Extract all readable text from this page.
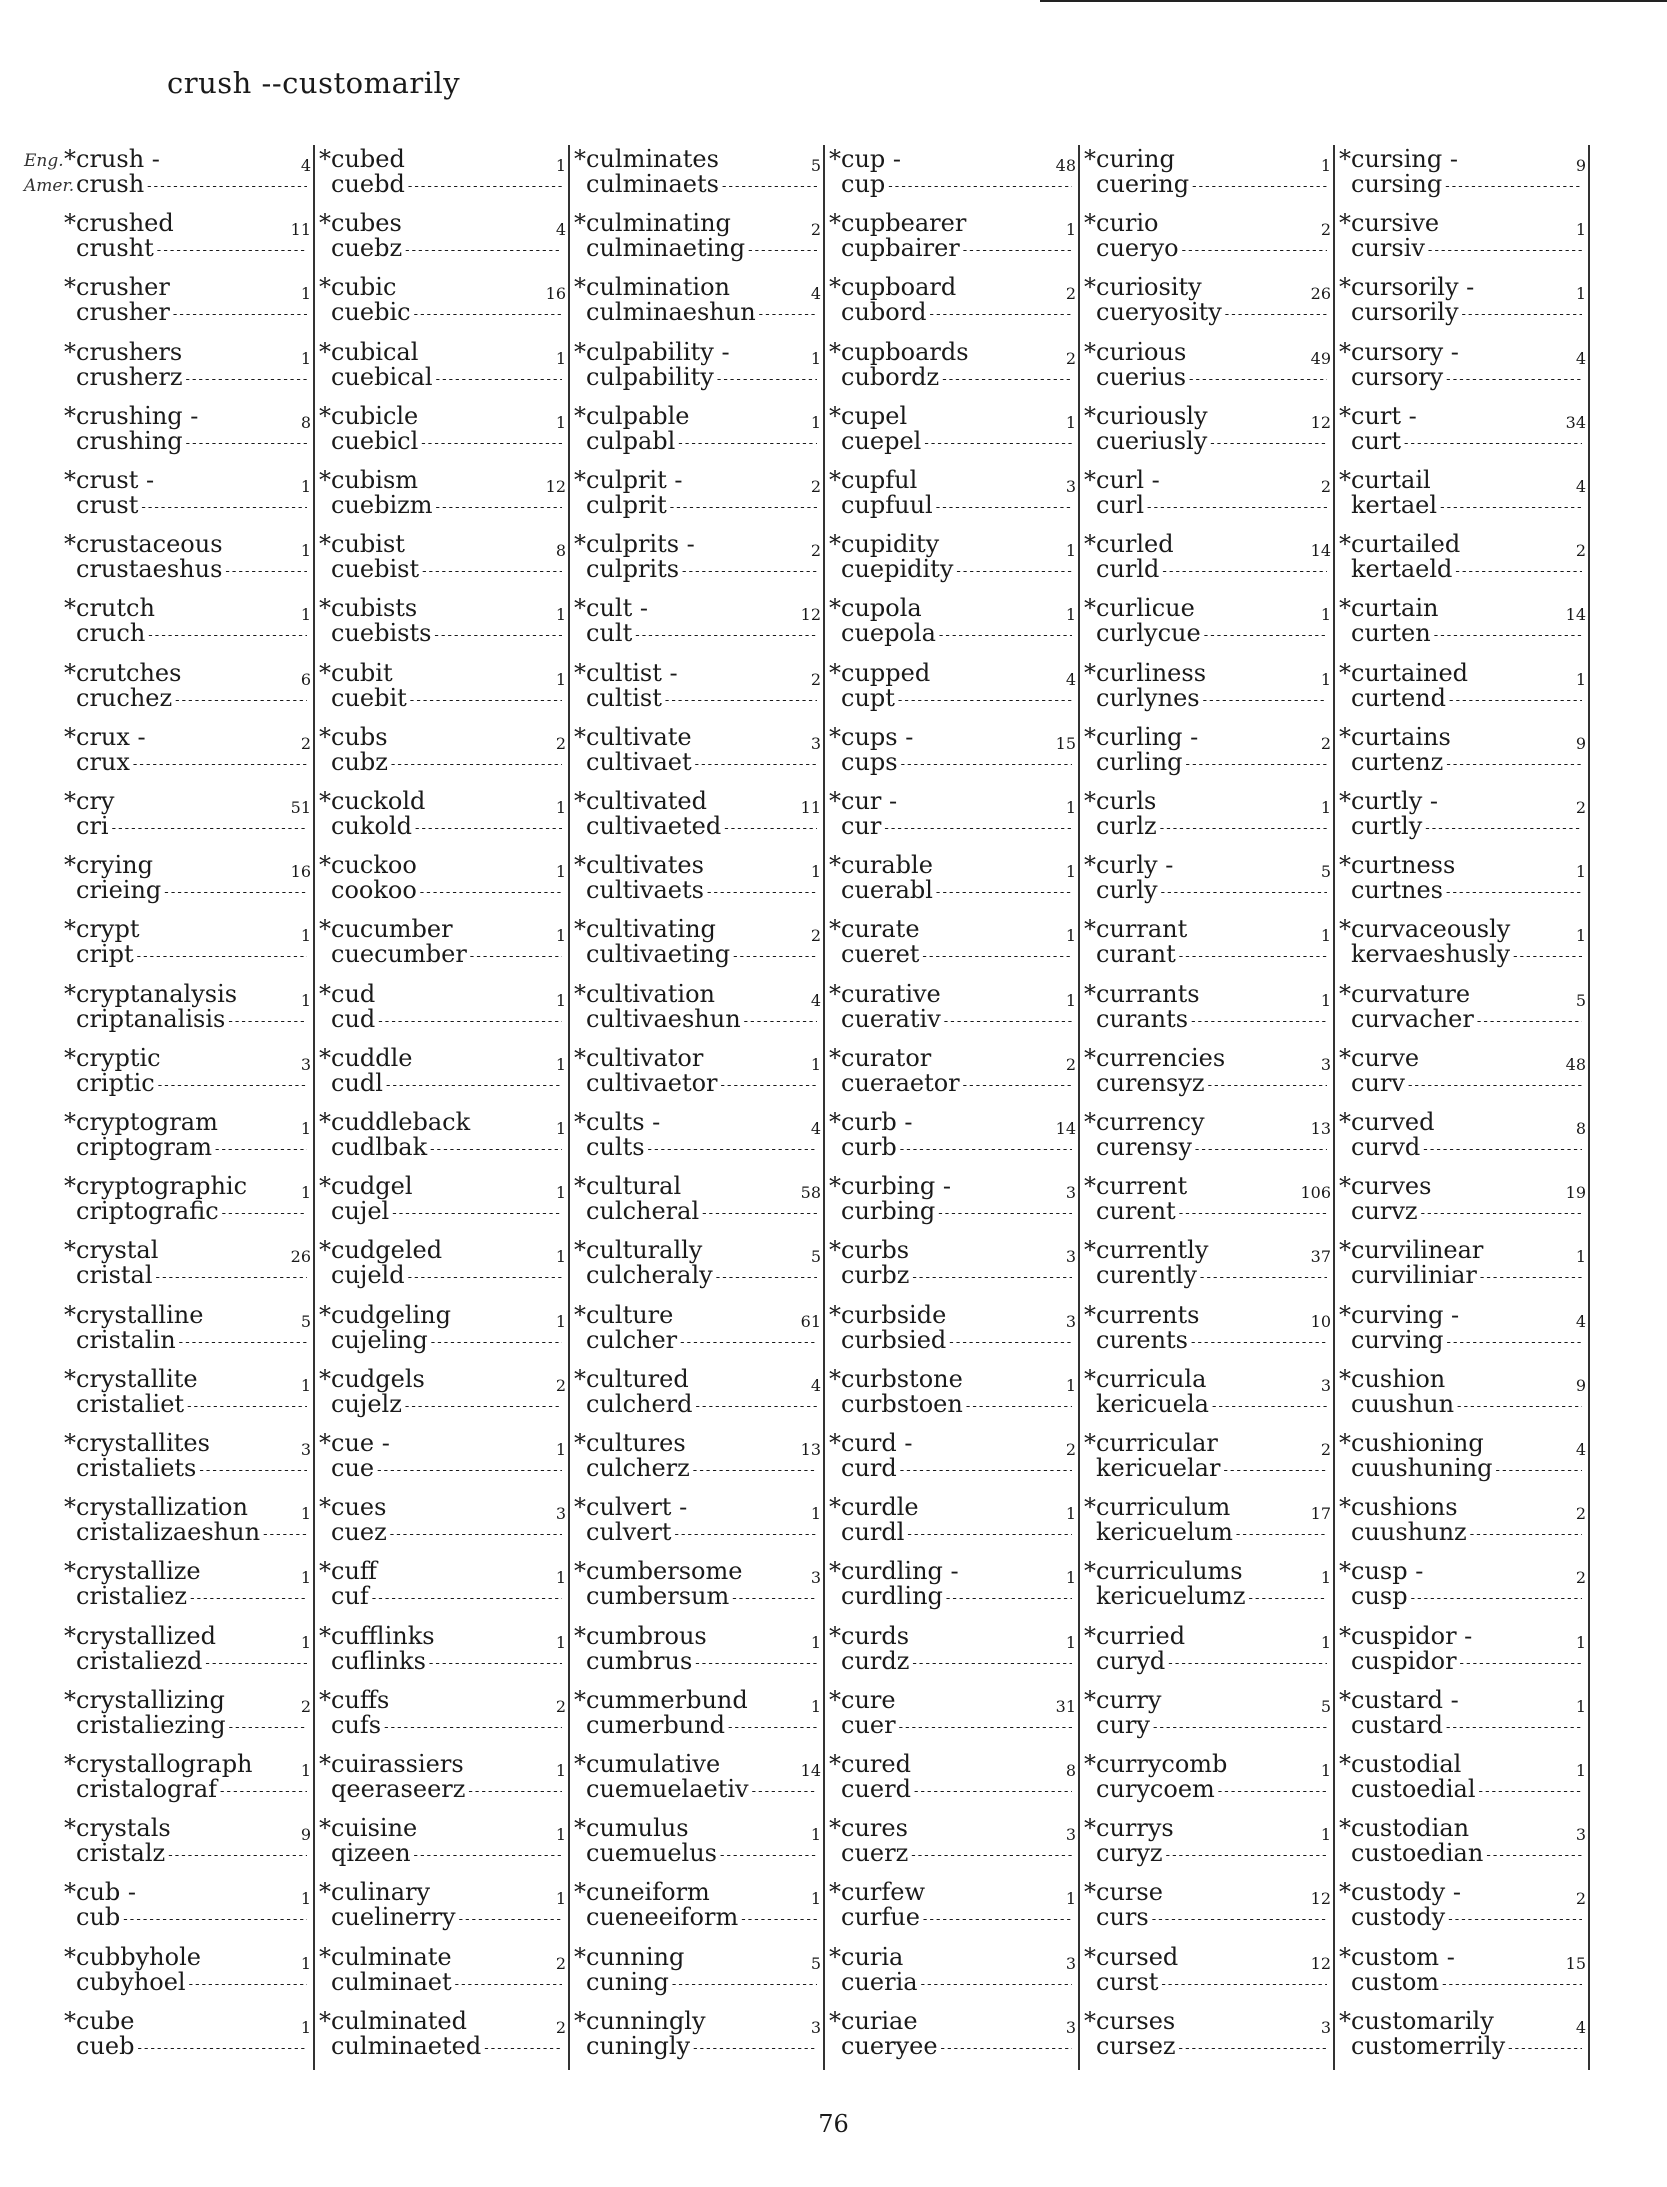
crush --customarily
Eng.
Amer.
*crush -
crush - - -
4
*crushed
crusht - - -
11
*crusher
crusher - - -
1
*crushers
crusherz - - -
1
*crushing -
crushing - - -
8
*crust -
crust - - -
1
*crustaceous
crustaeshus - - -
1
*crutch
cruch - - -
1
*crutches
cruchez - - -
6
*crux -
crux - - -
2
*cry
cri - - -
51
*crying
crieing - - -
16
*crypt
cript - - -
1
*cryptanalysis
criptanalisis - - -
1
*cryptic
criptic - - -
3
*cryptogram
criptogram - - -
1
*cryptographic
criptografic - - -
1
*crystal
cristal - - -
26
*crystalline
cristalin - - -
5
*crystallite
cristaliet - - -
1
*crystallites
cristaliets - - -
3
*crystallization
cristalizaeshun - - -
1
*crystallize
cristaliez - - -
1
*crystallized
cristaliezd - - -
1
*crystallizing
cristaliezing - - -
2
*crystallograph
cristalograf - - -
1
*crystals
cristalz - - -
9
*cub -
cub - - -
1
*cubbyhole
cubyhoel - - -
1
*cube
cueb - - -
1
*cubed
cuebd - - -
1
*cubes
cuebz - - -
4
*cubic
cuebic - - -
16
*cubical
cuebical - - -
1
*cubicle
cuebicl - - -
1
*cubism
cuebizm - - -
12
*cubist
cuebist - - -
8
*cubists
cuebists - - -
1
*cubit
cuebit - - -
1
*cubs
cubz - - -
2
*cuckold
cukold - - -
1
*cuckoo
cookoo - - -
1
*cucumber
cuecumber - - -
1
*cud
cud - - -
1
*cuddle
cudl - - -
1
*cuddleback
cudlbak - - -
1
*cudgel
cujel - - -
1
*cudgeled
cujeld - - -
1
*cudgeling
cujeling - - -
1
*cudgels
cujelz - - -
2
*cue -
cue - - -
1
*cues
cuez - - -
3
*cuff
cuf - - -
1
*cufflinks
cuflinks - - -
1
*cuffs
cufs - - -
2
*cuirassiers
qeeraseerz - - -
1
*cuisine
qizeen - - -
1
*culinary
cuelinerry - - -
1
*culminate
culminaet - - -
2
*culminated
culminaeted - - -
2
*culminates
culminaets - - -
5
*culminating
culminaeting - - -
2
*culmination
culminaeshun - - -
4
*culpability -
culpability - - -
1
*culpable
culpabl - - -
1
*culprit -
culprit - - -
2
*culprits -
culprits - - -
2
*cult -
cult - - -
12
*cultist -
cultist - - -
2
*cultivate
cultivaet - - -
3
*cultivated
cultivaeted - - -
11
*cultivates
cultivaets - - -
1
*cultivating
cultivaeting - - -
2
*cultivation
cultivaeshun - - -
4
*cultivator
cultivaetor - - -
1
*cults -
cults - - -
4
*cultural
culcheral - - -
58
*culturally
culcheraly - - -
5
*culture
culcher - - -
61
*cultured
culcherd - - -
4
*cultures
culcherz - - -
13
*culvert -
culvert - - -
1
*cumbersome
cumbersum - - -
3
*cumbrous
cumbrus - - -
1
*cummerbund
cumerbund - - -
1
*cumulative
cuemuelaetiv - - -
14
*cumulus
cuemuelus - - -
1
*cuneiform
cueneeiform - - -
1
*cunning
cuning - - -
5
*cunningly
cuningly - - -
3
*cup -
cup - - -
48
*cupbearer
cupbairer - - -
1
*cupboard
cubord - - -
2
*cupboards
cubordz - - -
2
*cupel
cuepel - - -
1
*cupful
cupfuul - - -
3
*cupidity
cuepidity - - -
1
*cupola
cuepola - - -
1
*cupped
cupt - - -
4
*cups -
cups - - -
15
*cur -
cur - - -
1
*curable
cuerabl - - -
1
*curate
cueret - - -
1
*curative
cuerativ - - -
1
*curator
cueraetor - - -
2
*curb -
curb - - -
14
*curbing -
curbing - - -
3
*curbs
curbz - - -
3
*curbside
curbsied - - -
3
*curbstone
curbstoen - - -
1
*curd -
curd - - -
2
*curdle
curdl - - -
1
*curdling -
curdling - - -
1
*curds
curdz - - -
1
*cure
cuer - - -
31
*cured
cuerd - - -
8
*cures
cuerz - - -
3
*curfew
curfue - - -
1
*curia
cueria - - -
3
*curiae
cueryee - - -
3
*curing
cuering - - -
1
*curio
cueryo - - -
2
*curiosity
cueryosity - - -
26
*curious
cuerius - - -
49
*curiously
cueriusly - - -
12
*curl -
curl - - -
2
*curled
curld - - -
14
*curlicue
curlycue - - -
1
*curliness
curlynes - - -
1
*curling -
curling - - -
2
*curls
curlz - - -
1
*curly -
curly - - -
5
*currant
curant - - -
1
*currants
curants - - -
1
*currencies
curensyz - - -
3
*currency
curensy - - -
13
*current
curent - - -
106
*currently
curently - - -
37
*currents
curents - - -
10
*curricula
kericuela - - -
3
*curricular
kericuelar - - -
2
*curriculum
kericuelum - - -
17
*curriculums
kericuelumz - - -
1
*curried
curyd - - -
1
*curry
cury - - -
5
*currycomb
curycoem - - -
1
*currys
curyz - - -
1
*curse
curs - - -
12
*cursed
curst - - -
12
*curses
cursez - - -
3
*cursing -
cursing - - -
9
*cursive
cursiv - - -
1
*cursorily -
cursorily - - -
1
*cursory -
cursory - - -
4
*curt -
curt - - -
34
*curtail
kertael - - -
4
*curtailed
kertaeld - - -
2
*curtain
curten - - -
14
*curtained
curtend - - -
1
*curtains
curtenz - - -
9
*curtly -
curtly - - -
2
*curtness
curtnes - - -
1
*curvaceously
kervaeshusly - - -
1
*curvature
curvacher - - -
5
*curve
curv - - -
48
*curved
curvd - - -
8
*curves
curvz - - -
19
*curvilinear
curviliniar - - -
1
*curving -
curving - - -
4
*cushion
cuushun - - -
9
*cushioning
cuushuning - - -
4
*cushions
cuushunz - - -
2
*cusp -
cusp - - -
2
*cuspidor -
cuspidor - - -
1
*custard -
custard - - -
1
*custodial
custoedial - - -
1
*custodian
custoedian - - -
3
*custody -
custody - - -
2
*custom -
custom - - -
15
*customarily
customerrily - - -
4
76
